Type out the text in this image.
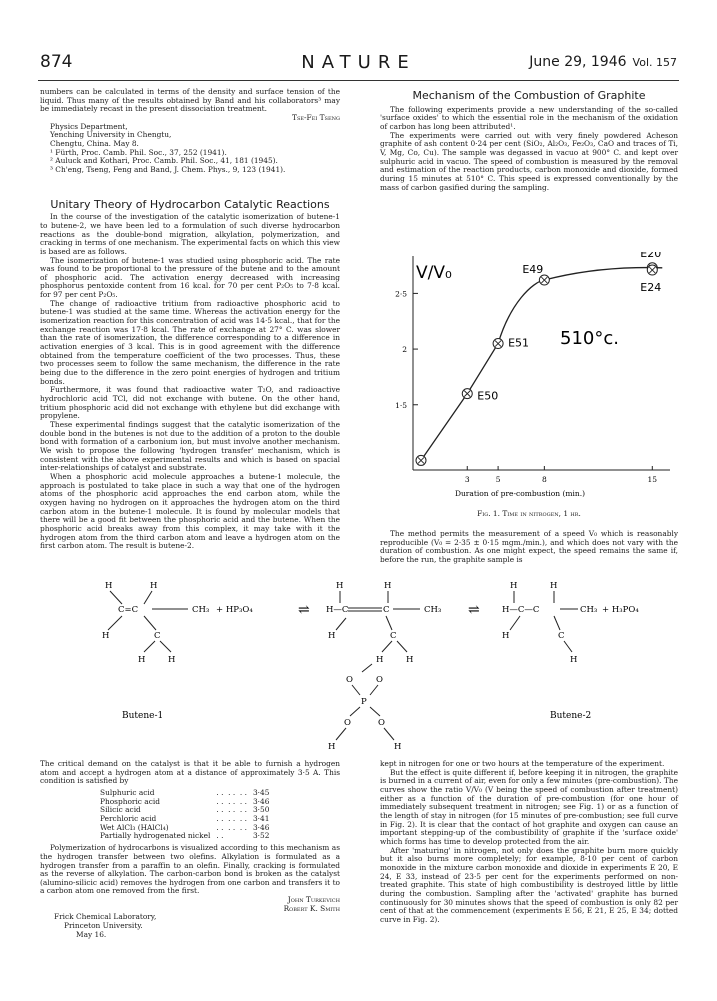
874	NATURE	June 29, 1946 Vol. 157

numbers can be calculated in terms of the density and surface tension of the liquid. Thus many of the results obtained by Band and his collaborators³ may be immediately recast in the present dissociation treatment.

Tse-Fei Tseng

Physics Department,

Yenching University in Chengtu,

Chengtu, China. May 8.

¹ Fürth, Proc. Camb. Phil. Soc., 37, 252 (1941).

² Auluck and Kothari, Proc. Camb. Phil. Soc., 41, 181 (1945).

³ Ch'eng, Tseng, Feng and Band, J. Chem. Phys., 9, 123 (1941).

Unitary Theory of Hydrocarbon Catalytic Reactions

In the course of the investigation of the catalytic isomerization of butene-1 to butene-2, we have been led to a formulation of such diverse hydrocarbon reactions as the double-bond migration, alkylation, polymerization, and cracking in terms of one mechanism. The experimental facts on which this view is based are as follows.

The isomerization of butene-1 was studied using phosphoric acid. The rate was found to be proportional to the pressure of the butene and to the amount of phosphoric acid. The activation energy decreased with increasing phosphorus pentoxide content from 16 kcal. for 70 per cent P₂O₅ to 7·8 kcal. for 97 per cent P₂O₅.

The change of radioactive tritium from radioactive phosphoric acid to butene-1 was studied at the same time. Whereas the activation energy for the isomerization reaction for this concentration of acid was 14·5 kcal., that for the exchange reaction was 17·8 kcal. The rate of exchange at 27° C. was slower than the rate of isomerization, the difference corresponding to a difference in activation energies of 3 kcal. This is in good agreement with the difference obtained from the temperature coefficient of the two processes. Thus, these two processes seem to follow the same mechanism, the difference in the rate being due to the difference in the zero point energies of hydrogen and tritium bonds.

Furthermore, it was found that radioactive water T₂O, and radioactive hydrochloric acid TCl, did not exchange with butene. On the other hand, tritium phosphoric acid did not exchange with ethylene but did exchange with propylene.

These experimental findings suggest that the catalytic isomerization of the double bond in the butenes is not due to the addition of a proton to the double bond with formation of a carbonium ion, but must involve another mechanism. We wish to propose the following 'hydrogen transfer' mechanism, which is consistent with the above experimental results and which is based on spacial inter-relationships of catalyst and substrate.

When a phosphoric acid molecule approaches a butene-1 molecule, the approach is postulated to take place in such a way that one of the hydrogen atoms of the phosphoric acid approaches the end carbon atom, while the oxygen having no hydrogen on it approaches the hydrogen atom on the third carbon atom in the butene-1 molecule. It is found by molecular models that there will be a good fit between the phosphoric acid and the butene. When the phosphoric acid breaks away from this complex, it may take with it the hydrogen atom from the third carbon atom and leave a hydrogen atom on the first carbon atom. The result is butene-2.

Mechanism of the Combustion of Graphite

The following experiments provide a new understanding of the so-called 'surface oxides' to which the essential role in the mechanism of the oxidation of carbon has long been attributed¹.

The experiments were carried out with very finely powdered Acheson graphite of ash content 0·24 per cent (SiO₂, Al₂O₃, Fe₂O₃, CaO and traces of Ti, V, Mg, Co, Cu). The sample was degassed in vacuo at 900° C. and kept over sulphuric acid in vacuo. The speed of combustion is measured by the removal and estimation of the reaction products, carbon monoxide and dioxide, formed during 15 minutes at 510° C. This speed is expressed conventionally by the mass of carbon gasified during the sampling.

V/V₀
510°c.
Duration of pre-combustion (min.)
3	5	8	15
1·5
2
2·5
E50
E51
E49
E20
E24
Fig. 1. Time in nitrogen, 1 hr.

The method permits the measurement of a speed V₀ which is reasonably reproducible (V₀ = 2·35 ± 0·15 mgm./min.), and which does not vary with the duration of combustion. As one might expect, the speed remains the same if, before the run, the graphite sample is

H	H
C=C	CH₃ + HP₃O₄
H	C
H	H
Butene-1
⇌
H	H
H—C	C	CH₃
H	C
H	H
O	O
P
O	O
H	H
⇌
H	H
H—C—C	CH₃ + H₃PO₄
H	C
H
Butene-2

The critical demand on the catalyst is that it be able to furnish a hydrogen atom and accept a hydrogen atom at a distance of approximately 3·5 A. This condition is satisfied by

Sulphuric acid	. .  . .  . .	3·45
Phosphoric acid	. .  . .  . .	3·46
Silicic acid	. .  . .  . .	3·50
Perchloric acid	. .  . .  . .	3·41
Wet AlCl₃ (HAlCl₄)	. .  . .  . .	3·46
Partially hydrogenated nickel	. .	3·52

Polymerization of hydrocarbons is visualized according to this mechanism as the hydrogen transfer between two olefins. Alkylation is formulated as a hydrogen transfer from a paraffin to an olefin. Finally, cracking is formulated as the reverse of alkylation. The carbon-carbon bond is broken as the catalyst (alumino-silicic acid) removes the hydrogen from one carbon and transfers it to a carbon atom one removed from the first.

John Turkevich

Robert K. Smith

Frick Chemical Laboratory,

Princeton University.

May 16.

kept in nitrogen for one or two hours at the temperature of the experiment.

But the effect is quite different if, before keeping it in nitrogen, the graphite is burned in a current of air, even for only a few minutes (pre-combustion). The curves show the ratio V/V₀ (V being the speed of combustion after treatment) either as a function of the duration of pre-combustion (for one hour of immediately subsequent treatment in nitrogen; see Fig. 1) or as a function of the length of stay in nitrogen (for 15 minutes of pre-combustion; see full curve in Fig. 2). It is clear that the contact of hot graphite and oxygen can cause an important stepping-up of the combustibility of graphite if the 'surface oxide' which forms has time to develop protected from the air.

After 'maturing' in nitrogen, not only does the graphite burn more quickly but it also burns more completely; for example, 8-10 per cent of carbon monoxide in the mixture carbon monoxide and dioxide in experiments E 20, E 24, E 33, instead of 23·5 per cent for the experiments performed on non-treated graphite. This state of high combustibility is destroyed little by little during the combustion. Sampling after the 'activated' graphite has burned continuously for 30 minutes shows that the speed of combustion is only 82 per cent of that at the commencement (experiments E 56, E 21, E 25, E 34; dotted curve in Fig. 2).
